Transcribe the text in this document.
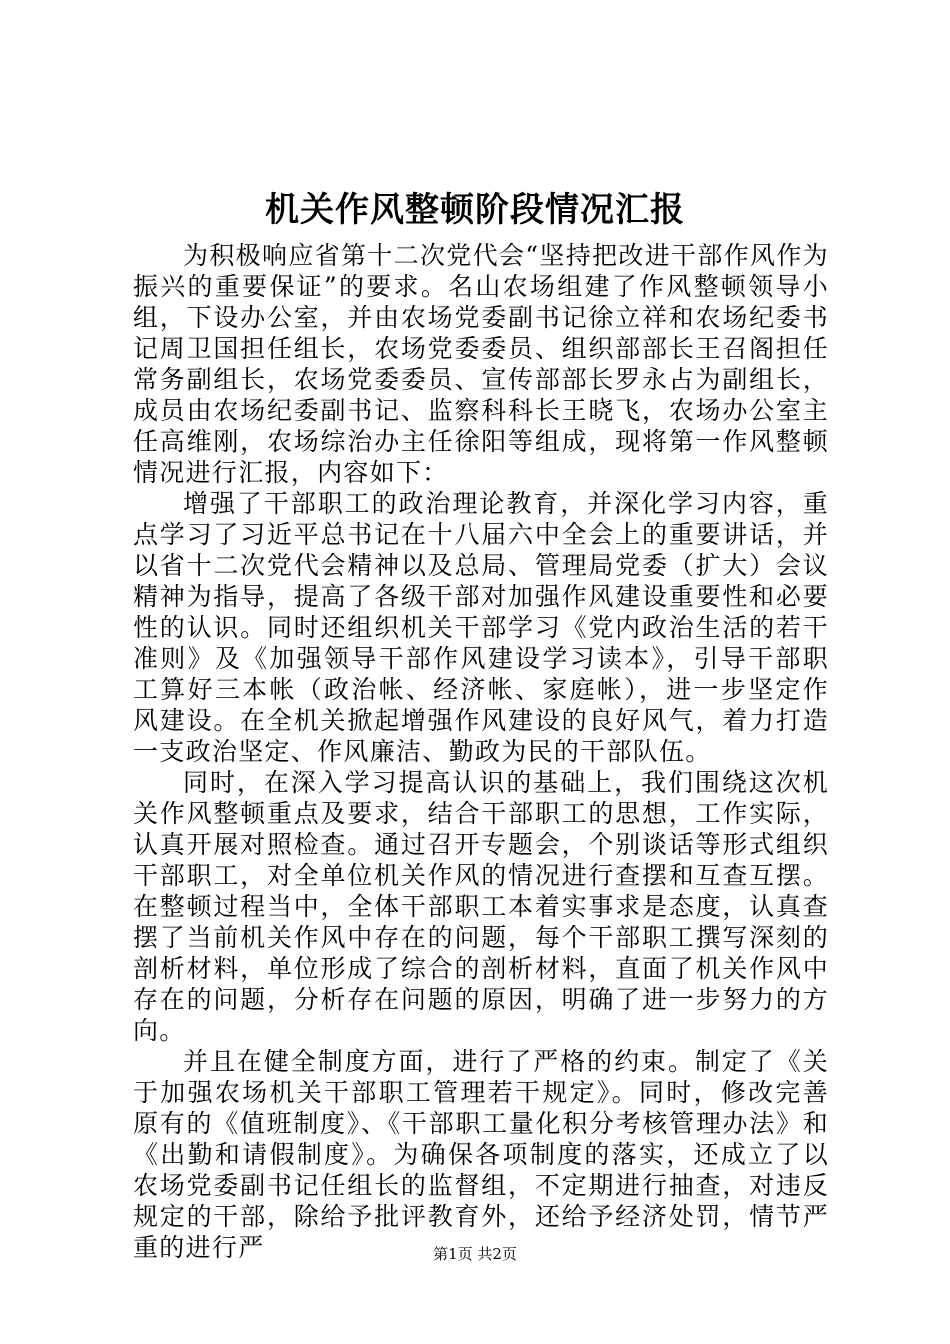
机关作风整顿阶段情况汇报

为积极响应省第十二次党代会“坚持把改进干部作风作为振兴的重要保证”的要求。名山农场组建了作风整顿领导小组，下设办公室，并由农场党委副书记徐立祥和农场纪委书记周卫国担任组长，农场党委委员、组织部部长王召阁担任常务副组长，农场党委委员、宣传部部长罗永占为副组长，成员由农场纪委副书记、监察科科长王晓飞，农场办公室主任高维刚，农场综治办主任徐阳等组成，现将第一作风整顿情况进行汇报，内容如下：

增强了干部职工的政治理论教育，并深化学习内容，重点学习了习近平总书记在十八届六中全会上的重要讲话，并以省十二次党代会精神以及总局、管理局党委（扩大）会议精神为指导，提高了各级干部对加强作风建设重要性和必要性的认识。同时还组织机关干部学习《党内政治生活的若干准则》及《加强领导干部作风建设学习读本》，引导干部职工算好三本帐（政治帐、经济帐、家庭帐），进一步坚定作风建设。在全机关掀起增强作风建设的良好风气，着力打造一支政治坚定、作风廉洁、勤政为民的干部队伍。

同时，在深入学习提高认识的基础上，我们围绕这次机关作风整顿重点及要求，结合干部职工的思想，工作实际，认真开展对照检查。通过召开专题会，个别谈话等形式组织干部职工，对全单位机关作风的情况进行查摆和互查互摆。在整顿过程当中，全体干部职工本着实事求是态度，认真查摆了当前机关作风中存在的问题，每个干部职工撰写深刻的剖析材料，单位形成了综合的剖析材料，直面了机关作风中存在的问题，分析存在问题的原因，明确了进一步努力的方向。

并且在健全制度方面，进行了严格的约束。制定了《关于加强农场机关干部职工管理若干规定》。同时，修改完善原有的《值班制度》、《干部职工量化积分考核管理办法》和《出勤和请假制度》。为确保各项制度的落实，还成立了以农场党委副书记任组长的监督组，不定期进行抽查，对违反规定的干部，除给予批评教育外，还给予经济处罚，情节严重的进行严	第1页 共2页
